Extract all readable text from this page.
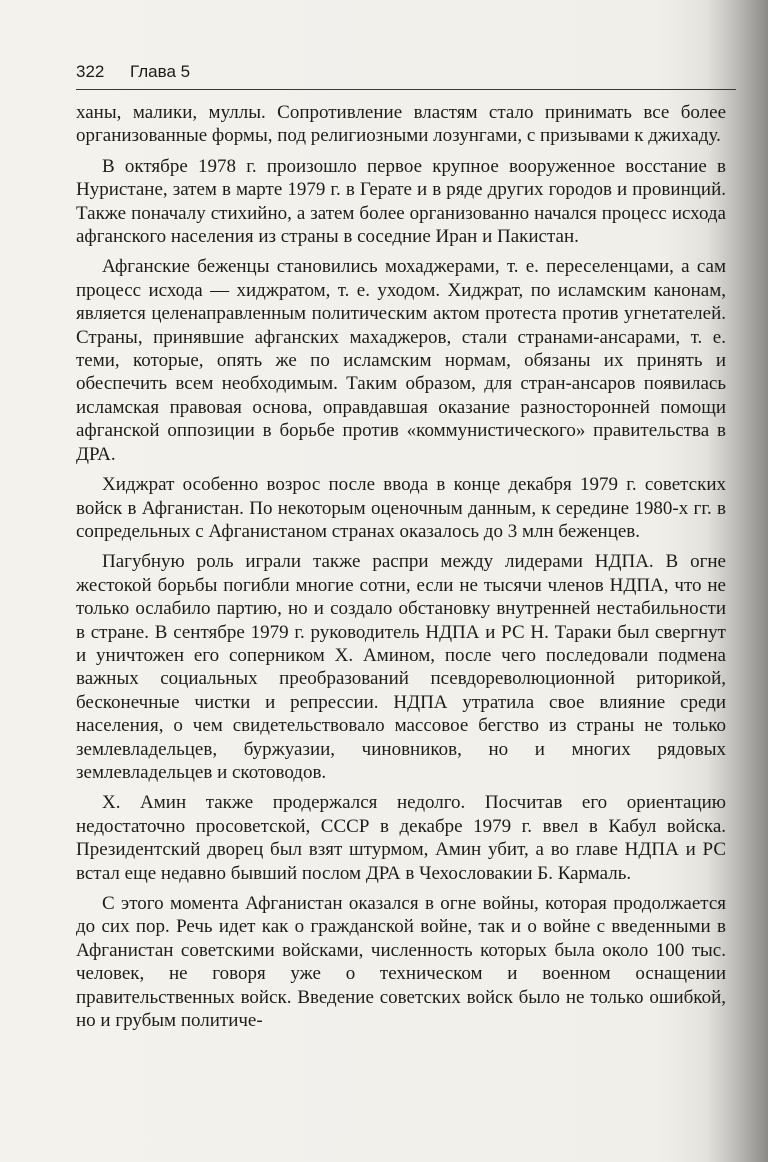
322 Глава 5

ханы, малики, муллы. Сопротивление властям стало принимать все более организованные формы, под религиозными лозунгами, с призывами к джихаду.

В октябре 1978 г. произошло первое крупное вооруженное восстание в Нуристане, затем в марте 1979 г. в Герате и в ряде других городов и провинций. Также поначалу стихийно, а затем более организованно начался процесс исхода афганского населения из страны в соседние Иран и Пакистан.

Афганские беженцы становились мохаджерами, т. е. переселенцами, а сам процесс исхода — хиджратом, т. е. уходом. Хиджрат, по исламским канонам, является целенаправленным политическим актом протеста против угнетателей. Страны, принявшие афганских махаджеров, стали странами-ансарами, т. е. теми, которые, опять же по исламским нормам, обязаны их принять и обеспечить всем необходимым. Таким образом, для стран-ансаров появилась исламская правовая основа, оправдавшая оказание разносторонней помощи афганской оппозиции в борьбе против «коммунистического» правительства в ДРА.

Хиджрат особенно возрос после ввода в конце декабря 1979 г. советских войск в Афганистан. По некоторым оценочным данным, к середине 1980-х гг. в сопредельных с Афганистаном странах оказалось до 3 млн беженцев.

Пагубную роль играли также распри между лидерами НДПА. В огне жестокой борьбы погибли многие сотни, если не тысячи членов НДПА, что не только ослабило партию, но и создало обстановку внутренней нестабильности в стране. В сентябре 1979 г. руководитель НДПА и РС Н. Тараки был свергнут и уничтожен его соперником Х. Амином, после чего последовали подмена важных социальных преобразований псевдореволюционной риторикой, бесконечные чистки и репрессии. НДПА утратила свое влияние среди населения, о чем свидетельствовало массовое бегство из страны не только землевладельцев, буржуазии, чиновников, но и многих рядовых землевладельцев и скотоводов.

Х. Амин также продержался недолго. Посчитав его ориентацию недостаточно просоветской, СССР в декабре 1979 г. ввел в Кабул войска. Президентский дворец был взят штурмом, Амин убит, а во главе НДПА и РС встал еще недавно бывший послом ДРА в Чехословакии Б. Кармаль.

С этого момента Афганистан оказался в огне войны, которая продолжается до сих пор. Речь идет как о гражданской войне, так и о войне с введенными в Афганистан советскими войсками, численность которых была около 100 тыс. человек, не говоря уже о техническом и военном оснащении правительственных войск. Введение советских войск было не только ошибкой, но и грубым политиче-
